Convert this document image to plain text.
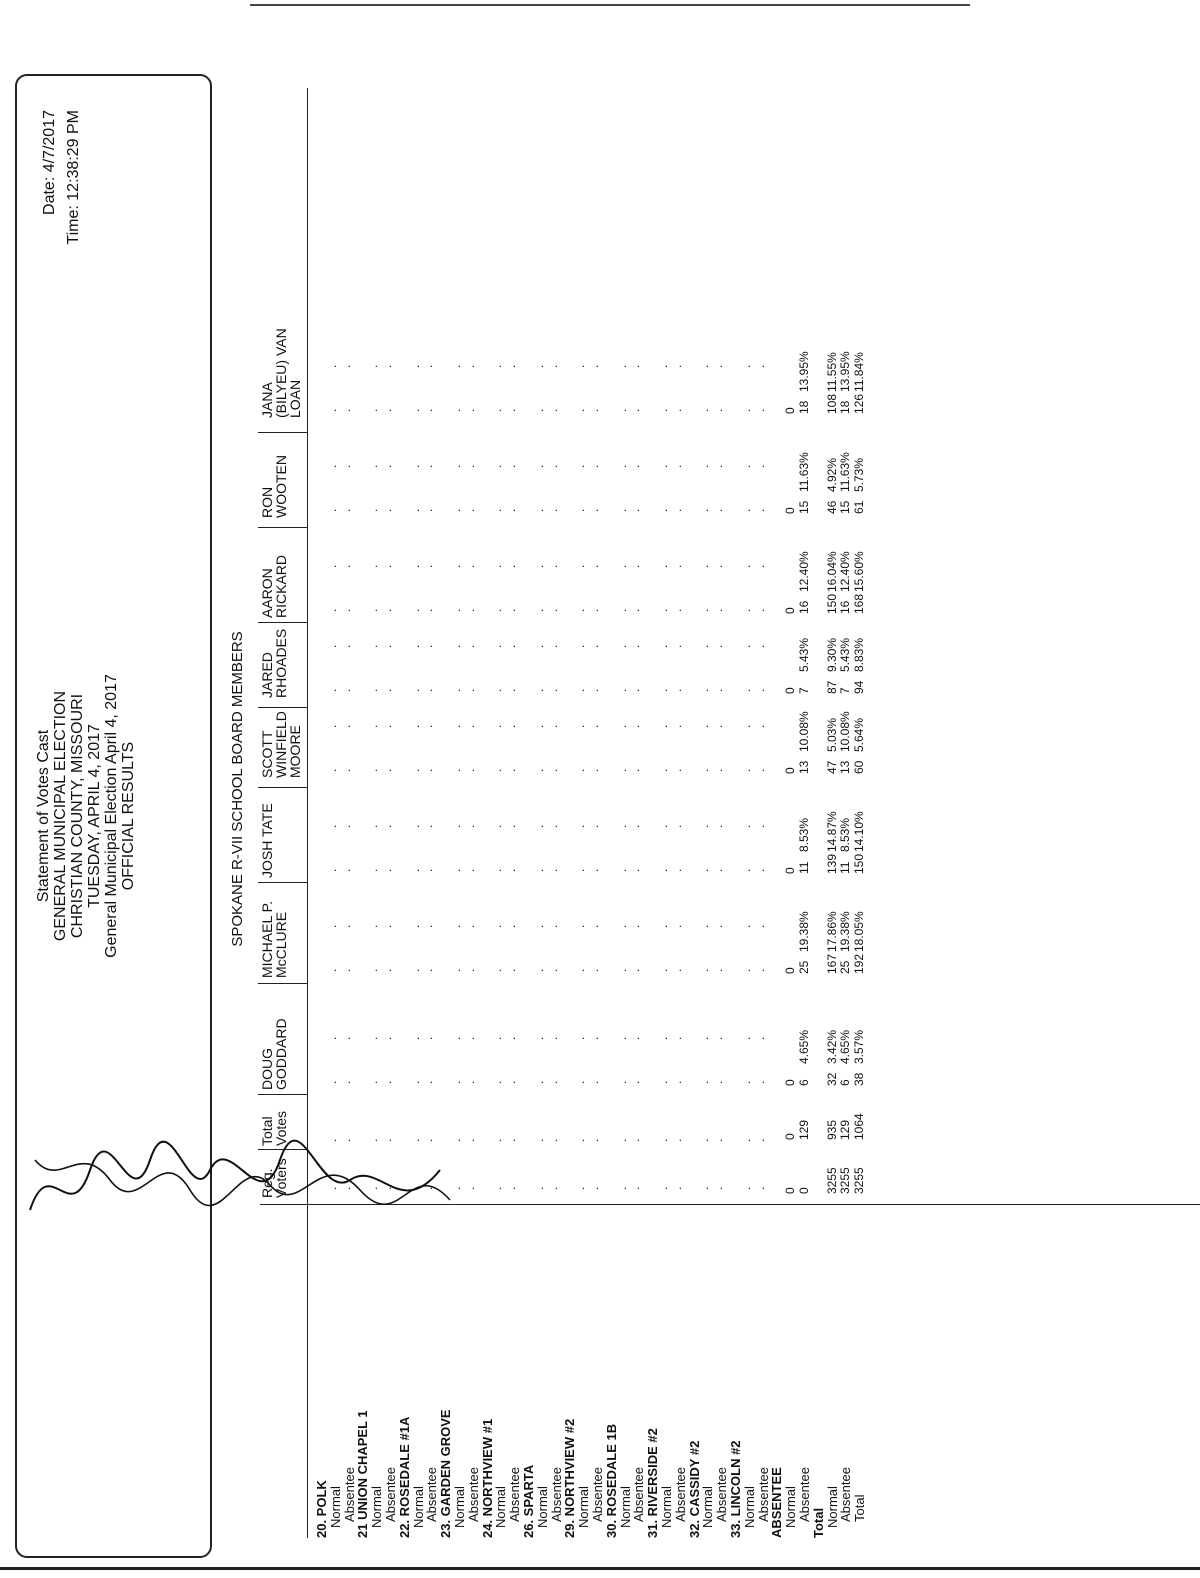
Statement of Votes Cast GENERAL MUNICIPAL ELECTION CHRISTIAN COUNTY, MISSOURI TUESDAY, APRIL 4, 2017 General Municipal Election April 4, 2017 OFFICIAL RESULTS
Date: 4/7/2017 Time: 12:38:29 PM
SPOKANE R-VII SCHOOL BOARD MEMBERS
Reg.
Voters
Total
Votes
DOUG
GODDARD
MICHAEL P.
McCLURE
JOSH TATE
SCOTT
WINFIELD
MOORE
JARED
RHOADES
AARON
RICKARD
RON
WOOTEN
JANA
(BILYEU) VAN
LOAN
20. POLK
Normal
Absentee
21 UNION CHAPEL 1
Normal
Absentee
22. ROSEDALE #1A
Normal
Absentee
23. GARDEN GROVE
Normal
Absentee
24. NORTHVIEW #1
Normal
Absentee
26. SPARTA
Normal
Absentee
29. NORTHVIEW #2
Normal
Absentee
30. ROSEDALE 1B
Normal
Absentee
31. RIVERSIDE #2
Normal
Absentee
32. CASSIDY #2
Normal
Absentee
33. LINCOLN #2
Normal
Absentee
ABSENTEE
Normal
Absentee
Total
Normal
Absentee
Total
.
.
.
.
.
.
.
.
.
.
.
.
.
.
.
.
.
.
.
.
.
.
.
.
.
.
.
.
.
.
.
.
.
.
.
.
.
.
.
.
.
.
.
.
.
.
.
.
.
.
.
.
.
.
.
.
.
.
.
.
.
.
.
.
.
.
.
.
.
.
.
.
.
.
.
.
.
.
.
.
.
.
.
.
.
.
.
.
.
.
.
.
.
.
.
.
.
.
.
.
.
.
.
.
.
.
.
.
.
.
.
.
.
.
.
.
.
.
.
.
.
.
.
.
.
.
.
.
.
.
.
.
.
.
.
.
.
.
.
.
.
.
.
.
.
.
.
.
.
.
.
.
.
.
.
.
.
.
.
.
.
.
.
.
.
.
.
.
.
.
.
.
.
.
.
.
.
.
.
.
.
.
.
.
.
.
.
.
.
.
.
.
.
.
.
.
.
.
.
.
.
.
.
.
.
.
.
.
.
.
.
.
.
.
.
.
.
.
.
.
.
.
.
.
.
.
.
.
.
.
.
.
.
.
.
.
.
.
.
.
.
.
.
.
.
.
.
.
.
.
.
.
.
.
.
.
.
.
.
.
.
.
.
.
.
.
.
.
.
.
.
.
.
.
.
.
.
.
.
.
.
.
.
.
.
.
.
.
.
.
.
.
.
.
.
.
.
.
.
.
.
.
.
.
.
.
.
.
.
.
.
.
.
.
.
.
.
.
.
.
.
.
.
.
.
.
.
.
.
.
.
.
.
.
.
.
.
.
.
.
.
.
.
.
.
.
.
.
.
.
.
.
.
.
.
.
.
.
.
.
.
.
.
.
.
.
.
.
.
.
.
.
.
.
.
.
.
.
.
.
.
.
.
.
.
.
.
.
.
.
.
.
.
.
.
.
0
0
0
0
0
0
0
0
0
0
0
129
6
4.65%
25
19.38%
11
8.53%
13
10.08%
7
5.43%
16
12.40%
15
11.63%
18
13.95%
3255
935
32
3.42%
167
17.86%
139
14.87%
47
5.03%
87
9.30%
150
16.04%
46
4.92%
108
11.55%
3255
129
6
4.65%
25
19.38%
11
8.53%
13
10.08%
7
5.43%
16
12.40%
15
11.63%
18
13.95%
3255
1064
38
3.57%
192
18.05%
150
14.10%
60
5.64%
94
8.83%
168
15.60%
61
5.73%
126
11.84%
